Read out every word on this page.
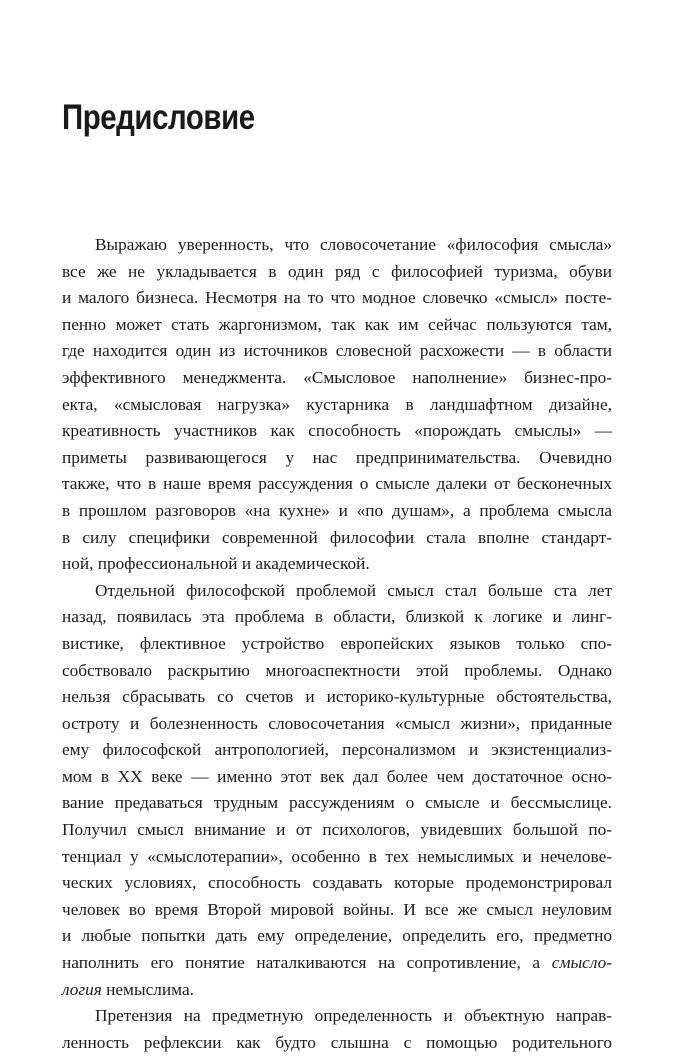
Предисловие
Выражаю уверенность, что словосочетание «философия смысла»
все же не укладывается в один ряд с философией туризма, обуви
и малого бизнеса. Несмотря на то что модное словечко «смысл» посте-
пенно может стать жаргонизмом, так как им сейчас пользуются там,
где находится один из источников словесной расхожести — в области
эффективного менеджмента. «Смысловое наполнение» бизнес-про-
екта, «смысловая нагрузка» кустарника в ландшафтном дизайне,
креативность участников как способность «порождать смыслы» —
приметы развивающегося у нас предпринимательства. Очевидно
также, что в наше время рассуждения о смысле далеки от бесконечных
в прошлом разговоров «на кухне» и «по душам», а проблема смысла
в силу специфики современной философии стала вполне стандарт-
ной, профессиональной и академической.
Отдельной философской проблемой смысл стал больше ста лет
назад, появилась эта проблема в области, близкой к логике и линг-
вистике, флективное устройство европейских языков только спо-
собствовало раскрытию многоаспектности этой проблемы. Однако
нельзя сбрасывать со счетов и историко-культурные обстоятельства,
остроту и болезненность словосочетания «смысл жизни», приданные
ему философской антропологией, персонализмом и экзистенциализ-
мом в XX веке — именно этот век дал более чем достаточное осно-
вание предаваться трудным рассуждениям о смысле и бессмыслице.
Получил смысл внимание и от психологов, увидевших большой по-
тенциал у «смыслотерапии», особенно в тех немыслимых и нечелове-
ческих условиях, способность создавать которые продемонстрировал
человек во время Второй мировой войны. И все же смысл неуловим
и любые попытки дать ему определение, определить его, предметно
наполнить его понятие наталкиваются на сопротивление, а смысло-
логия немыслима.
Претензия на предметную определенность и объектную направ-
ленность рефлексии как будто слышна с помощью родительного
